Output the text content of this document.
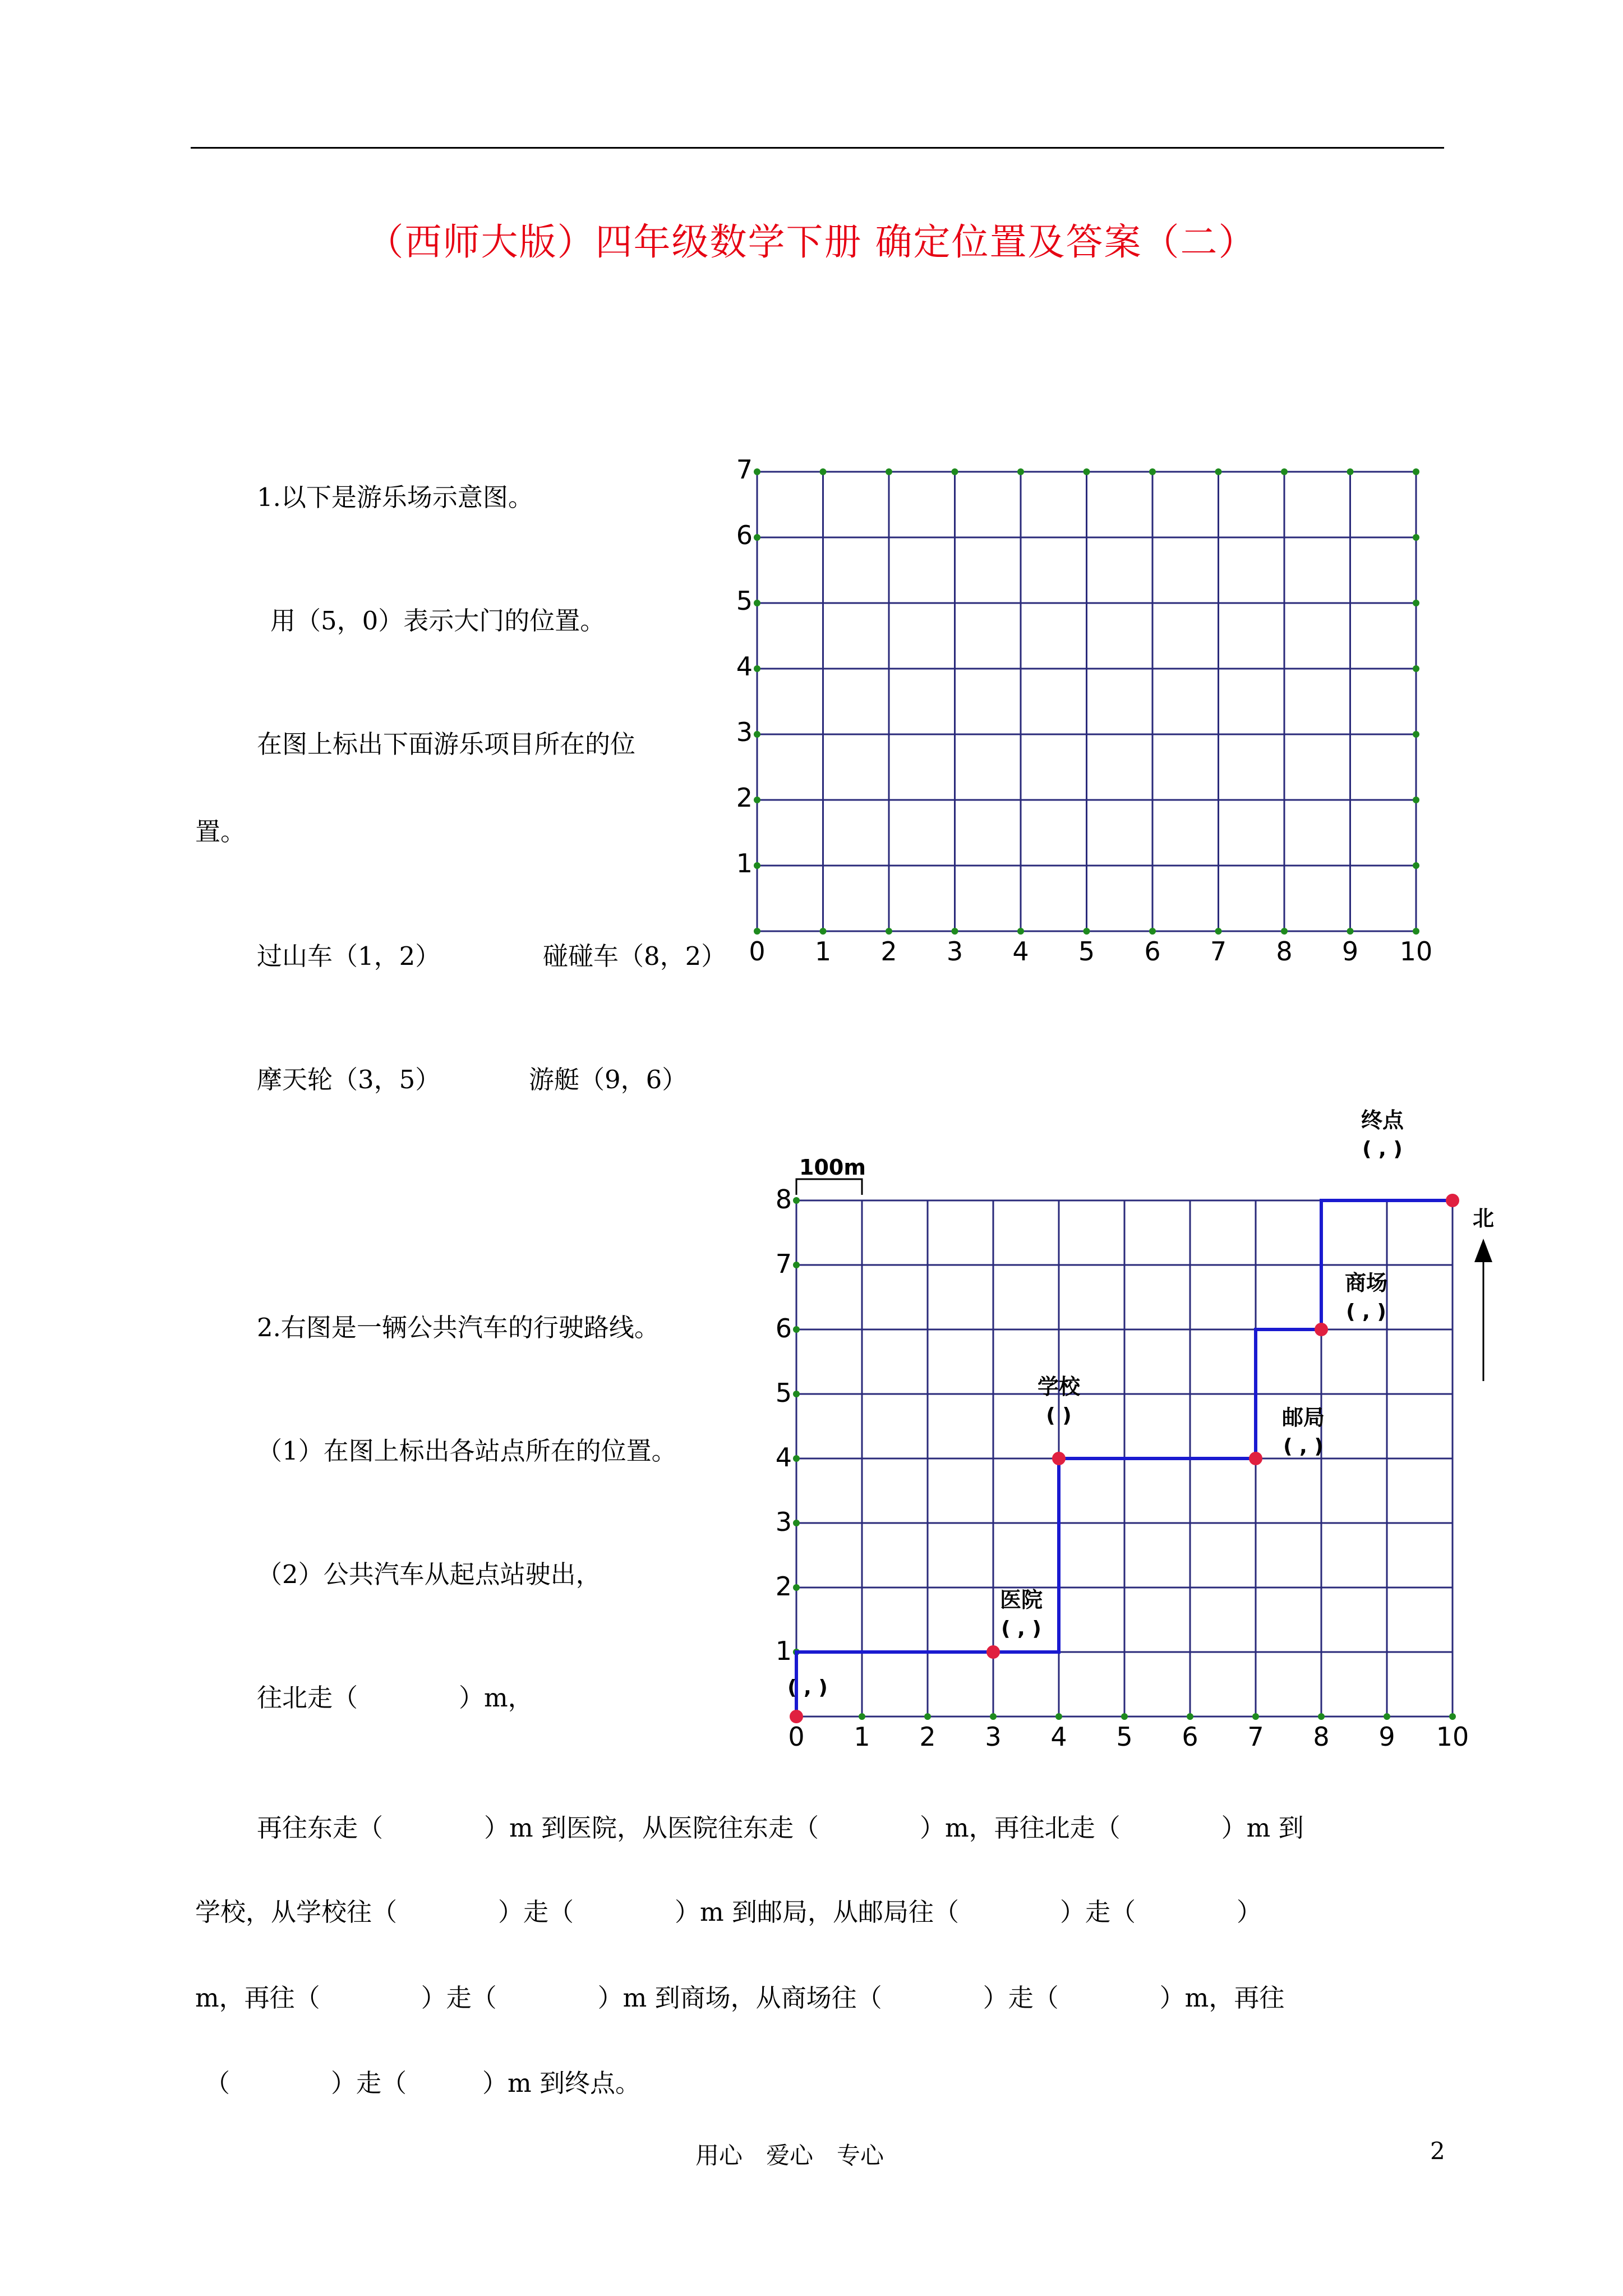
（西师大版）四年级数学下册 确定位置及答案（二）
1.以下是游乐场示意图。
用（5，0）表示大门的位置。
在图上标出下面游乐项目所在的位
置。
过山车（1，2）	碰碰车（8，2）
摩天轮（3，5）	游艇（9，6）
0 1 2 3 4 5 6 7 8 9 10
1
2
3
4
5
6
7
100m
北
( , )
医院
( , )
学校
( )	邮局
( , )
商场
( , )
终点
( , )
0 1 2 3 4 5 6 7 8 9 10
1
2
3
4
5
6
7
8
2.右图是一辆公共汽车的行驶路线。
（1）在图上标出各站点所在的位置。
（2）公共汽车从起点站驶出，
往北走（　　　　）m，
再往东走（　　　　）m 到医院，从医院往东走（　　　　）m，再往北走（　　　　）m 到
学校，从学校往（　　　　）走（　　　　）m 到邮局，从邮局往（　　　　）走（　　　　）
m，再往（　　　　）走（　　　　）m 到商场，从商场往（　　　　）走（　　　　）m，再往
（　　　　）走（　　　）m 到终点。
用心　爱心　专心	2
